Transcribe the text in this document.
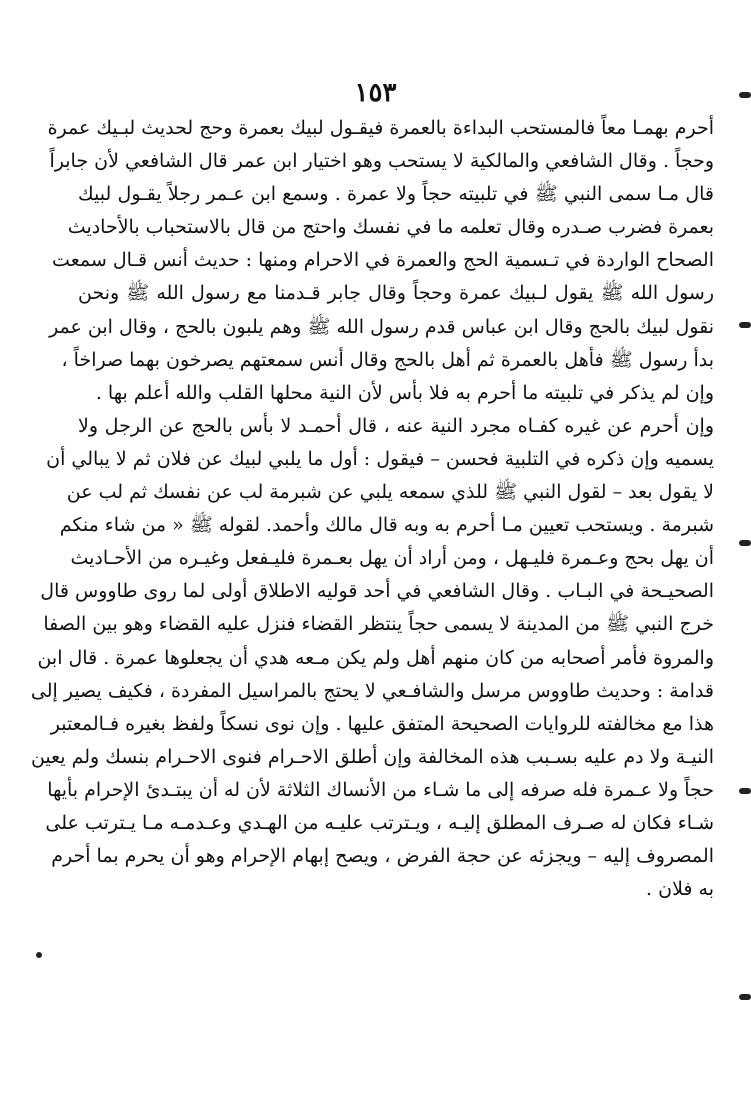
١٥٣
أحرم بهمـا معاً فالمستحب البداءة بالعمرة فيقـول لبيك بعمرة وحج لحديث لبـيك عمرة
وحجاً . وقال الشافعي والمالكية لا يستحب وهو اختيار ابن عمر قال الشافعي لأن جابراً
قال مـا سمى النبي ﷺ في تلبيته حجاً ولا عمرة . وسمع ابن عـمر رجلاً يقـول لبيك
بعمرة فضرب صـدره وقال تعلمه ما في نفسك واحتج من قال بالاستحباب بالأحاديث
الصحاح الواردة في تـسمية الحج والعمرة في الاحرام ومنها : حديث أنس قـال سمعت
رسول الله ﷺ يقول لـبيك عمرة وحجاً وقال جابر قـدمنا مع رسول الله ﷺ ونحن
نقول لبيك بالحج وقال ابن عباس قدم رسول الله ﷺ وهم يلبون بالحج ، وقال ابن عمر
بدأ رسول ﷺ فأهل بالعمرة ثم أهل بالحج وقال أنس سمعتهم يصرخون بهما صراخاً ،
وإن لم يذكر في تلبيته ما أحرم به فلا بأس لأن النية محلها القلب والله أعلم بها .
وإن أحرم عن غيره كفـاه مجرد النية عنه ، قال أحمـد لا بأس بالحج عن الرجل ولا
يسميه وإن ذكره في التلبية فحسن – فيقول : أول ما يلبي لبيك عن فلان ثم لا يبالي أن
لا يقول بعد – لقول النبي ﷺ للذي سمعه يلبي عن شبرمة لب عن نفسك ثم لب عن
شبرمة . ويستحب تعيين مـا أحرم به وبه قال مالك وأحمد. لقوله ﷺ « من شاء منكم
أن يهل بحج وعـمرة فليـهل ، ومن أراد أن يهل بعـمرة فليـفعل وغيـره من الأحـاديث
الصحيـحة في البـاب . وقال الشافعي في أحد قوليه الاطلاق أولى لما روى طاووس قال
خرج النبي ﷺ من المدينة لا يسمى حجاً ينتظر القضاء فنزل عليه القضاء وهو بين الصفا
والمروة فأمر أصحابه من كان منهم أهل ولم يكن مـعه هدي أن يجعلوها عمرة . قال ابن
قدامة : وحديث طاووس مرسل والشافـعي لا يحتج بالمراسيل المفردة ، فكيف يصير إلى
هذا مع مخالفته للروايات الصحيحة المتفق عليها . وإن نوى نسكاً ولفظ بغيره فـالمعتبر
النيـة ولا دم عليه بسـبب هذه المخالفة وإن أطلق الاحـرام فنوى الاحـرام بنسك ولم يعين
حجاً ولا عـمرة فله صرفه إلى ما شـاء من الأنساك الثلاثة لأن له أن يبتـدئ الإحرام بأيها
شـاء فكان له صـرف المطلق إليـه ، ويـترتب عليـه من الهـدي وعـدمـه مـا يـترتب على
المصروف إليه – ويجزئه عن حجة الفرض ، ويصح إبهام الإحرام وهو أن يحرم بما أحرم
به فلان .
